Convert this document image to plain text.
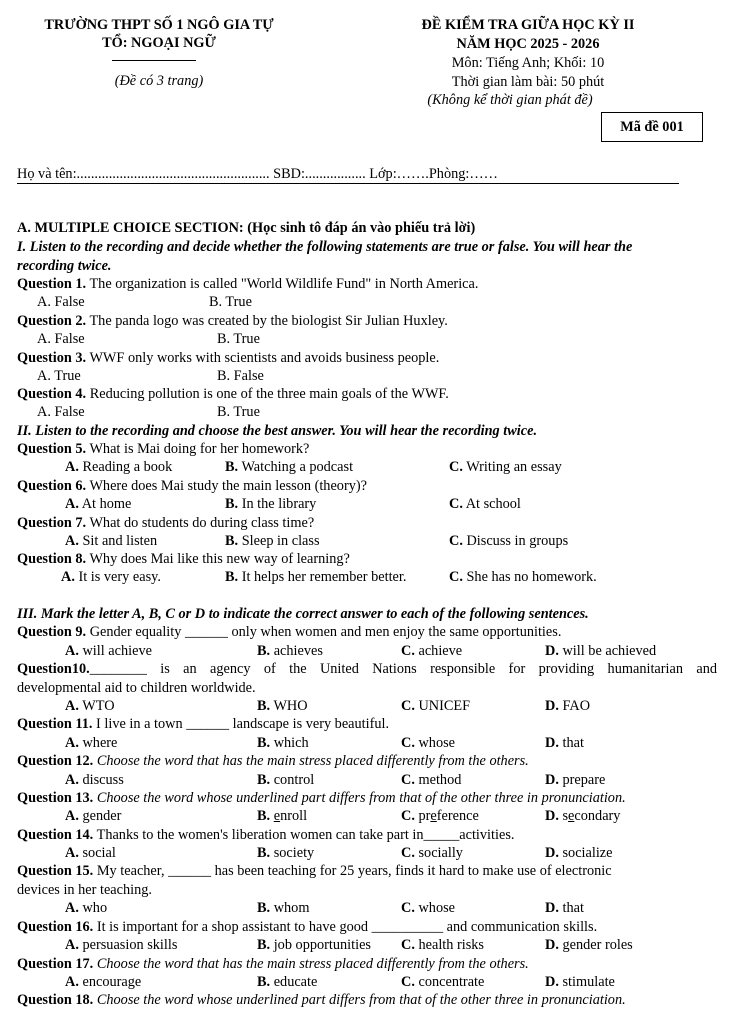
TRƯỜNG THPT SỐ 1 NGÔ GIA TỰ
TỔ: NGOẠI NGỮ
(Đề có 3 trang)
ĐỀ KIỂM TRA GIỮA HỌC KỲ II
NĂM HỌC 2025 - 2026
Môn: Tiếng Anh; Khối: 10
Thời gian làm bài: 50 phút
(Không kể thời gian phát đề)
Mã đề 001
Họ và tên:...................................................... SBD:................. Lớp:…….Phòng:……
A. MULTIPLE CHOICE SECTION: (Học sinh tô đáp án vào phiếu trả lời)
I. Listen to the recording and decide whether the following statements are true or false. You will hear the
recording twice.
Question 1. The organization is called "World Wildlife Fund" in North America.
A. False	B. True
Question 2. The panda logo was created by the biologist Sir Julian Huxley.
A. False	B. True
Question 3. WWF only works with scientists and avoids business people.
A. True	B. False
Question 4. Reducing pollution is one of the three main goals of the WWF.
A. False	B. True
II. Listen to the recording and choose the best answer. You will hear the recording twice.
Question 5. What is Mai doing for her homework?
A. Reading a book	B. Watching a podcast	C. Writing an essay
Question 6. Where does Mai study the main lesson (theory)?
A. At home	B. In the library	C. At school
Question 7. What do students do during class time?
A. Sit and listen	B. Sleep in class	C. Discuss in groups
Question 8. Why does Mai like this new way of learning?
A. It is very easy.	B. It helps her remember better.	C. She has no homework.
III. Mark the letter A, B, C or D to indicate the correct answer to each of the following sentences.
Question 9. Gender equality ______ only when women and men enjoy the same opportunities.
A. will achieve	B. achieves	C. achieve	D. will be achieved
Question10.________ is an agency of the United Nations responsible for providing humanitarian and
developmental aid to children worldwide.
A. WTO	B. WHO	C. UNICEF	D. FAO
Question 11. I live in a town ______ landscape is very beautiful.
A. where	B. which	C. whose	D. that
Question 12. Choose the word that has the main stress placed differently from the others.
A. discuss	B. control	C. method	D. prepare
Question 13. Choose the word whose underlined part differs from that of the other three in pronunciation.
A. gender	B. enroll	C. preference	D. secondary
Question 14. Thanks to the women's liberation women can take part in_____activities.
A. social	B. society	C. socially	D. socialize
Question 15. My teacher, ______ has been teaching for 25 years, finds it hard to make use of electronic
devices in her teaching.
A. who	B. whom	C. whose	D. that
Question 16. It is important for a shop assistant to have good __________ and communication skills.
A. persuasion skills	B. job opportunities C. health risks	D. gender roles
Question 17. Choose the word that has the main stress placed differently from the others.
A. encourage	B. educate	C. concentrate	D. stimulate
Question 18. Choose the word whose underlined part differs from that of the other three in pronunciation.
